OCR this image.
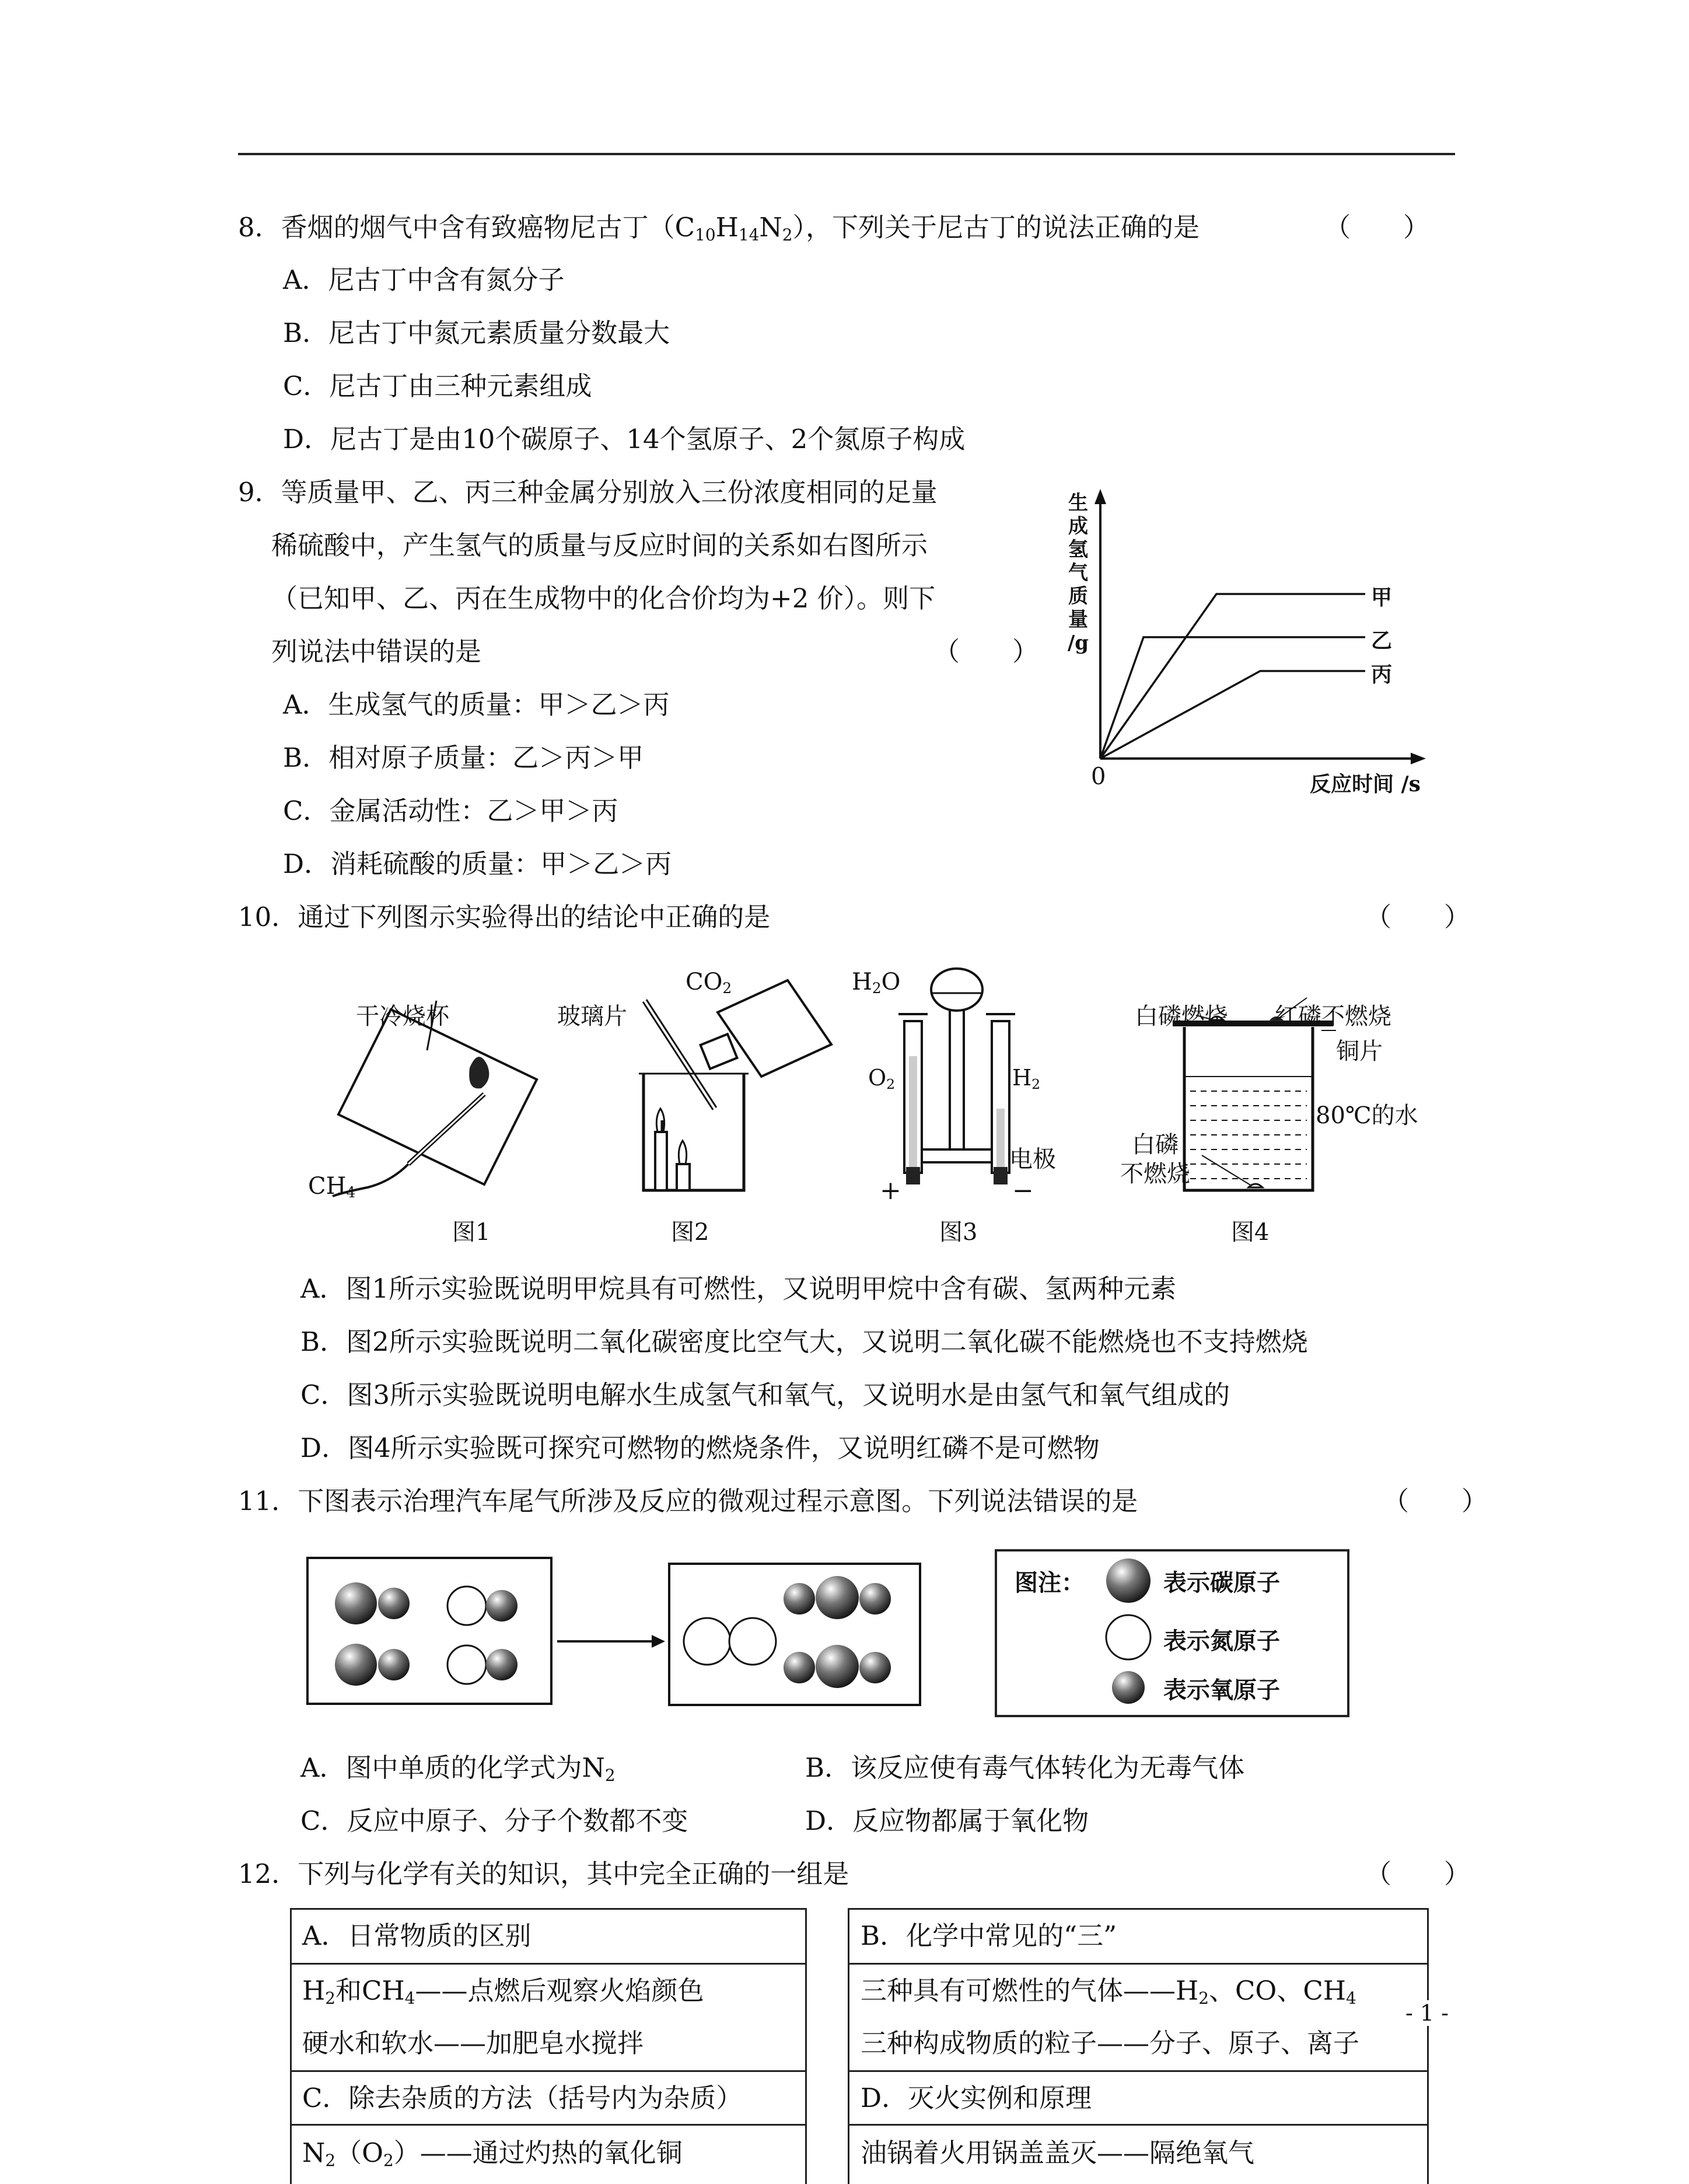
8．香烟的烟气中含有致癌物尼古丁$(C_{10}H_{14}N_2)$，下列关于尼古丁的说法正确的是	（　　）
A．尼古丁中含有氮分子
B．尼古丁中氮元素质量分数最大
C．尼古丁由三种元素组成
D．尼古丁是由10个碳原子、14个氢原子、2个氮原子构成
9．等质量甲、乙、丙三种金属分别放入三份浓度相同的足量
稀硫酸中，产生氢气的质量与反应时间的关系如右图所示
（已知甲、乙、丙在生成物中的化合价均为+2 价）。则下
列说法中错误的是	（　　）
A．生成氢气的质量：甲＞乙＞丙
B．相对原子质量：乙＞丙＞甲
C．金属活动性：乙＞甲＞丙
D．消耗硫酸的质量：甲＞乙＞丙
生
成
氢
气
质
量
/g
甲
乙
丙
0	反应时间 /s
10．通过下列图示实验得出的结论中正确的是	（　　）
干冷烧杯
$CH_4$
图1
玻璃片
$CO_2$
图2
$H_2O$
$O_2$	$H_2$
电极
+	−
图3
白磷燃烧 红磷不燃烧
铜片
80℃的水
白磷
不燃烧
图4
A．图1所示实验既说明甲烷具有可燃性，又说明甲烷中含有碳、氢两种元素
B．图2所示实验既说明二氧化碳密度比空气大，又说明二氧化碳不能燃烧也不支持燃烧
C．图3所示实验既说明电解水生成氢气和氧气，又说明水是由氢气和氧气组成的
D．图4所示实验既可探究可燃物的燃烧条件，又说明红磷不是可燃物
11．下图表示治理汽车尾气所涉及反应的微观过程示意图。下列说法错误的是	（　　）
图注：	表示碳原子
表示氮原子
表示氧原子
A．图中单质的化学式为$N_2$	B．该反应使有毒气体转化为无毒气体
C．反应中原子、分子个数都不变	D．反应物都属于氧化物
12．下列与化学有关的知识，其中完全正确的一组是	（　　）
A．日常物质的区别
$H_2$和$CH_4——$点燃后观察火焰颜色
硬水和软水——加肥皂水搅拌
C．除去杂质的方法（括号内为杂质）
$N_2(O_2)——$通过灼热的氧化铜
B．化学中常见的“三”
三种具有可燃性的气体$——H_2$、CO、$CH_4$
三种构成物质的粒子——分子、原子、离子
D．灭火实例和原理
油锅着火用锅盖盖灭——隔绝氧气
- 1 -
